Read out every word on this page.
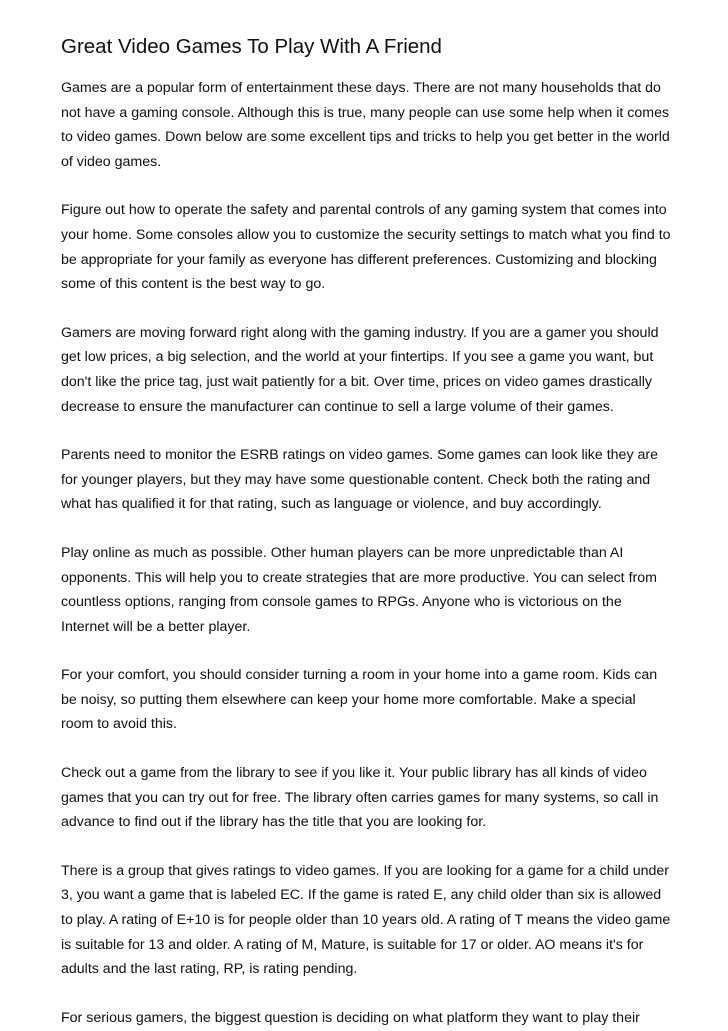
Great Video Games To Play With A Friend

Games are a popular form of entertainment these days. There are not many households that do not have a gaming console. Although this is true, many people can use some help when it comes to video games. Down below are some excellent tips and tricks to help you get better in the world of video games.

Figure out how to operate the safety and parental controls of any gaming system that comes into your home. Some consoles allow you to customize the security settings to match what you find to be appropriate for your family as everyone has different preferences. Customizing and blocking some of this content is the best way to go.

Gamers are moving forward right along with the gaming industry. If you are a gamer you should get low prices, a big selection, and the world at your fintertips. If you see a game you want, but don't like the price tag, just wait patiently for a bit. Over time, prices on video games drastically decrease to ensure the manufacturer can continue to sell a large volume of their games.

Parents need to monitor the ESRB ratings on video games. Some games can look like they are for younger players, but they may have some questionable content. Check both the rating and what has qualified it for that rating, such as language or violence, and buy accordingly.

Play online as much as possible. Other human players can be more unpredictable than AI opponents. This will help you to create strategies that are more productive. You can select from countless options, ranging from console games to RPGs. Anyone who is victorious on the Internet will be a better player.

For your comfort, you should consider turning a room in your home into a game room. Kids can be noisy, so putting them elsewhere can keep your home more comfortable. Make a special room to avoid this.

Check out a game from the library to see if you like it. Your public library has all kinds of video games that you can try out for free. The library often carries games for many systems, so call in advance to find out if the library has the title that you are looking for.

There is a group that gives ratings to video games. If you are looking for a game for a child under 3, you want a game that is labeled EC. If the game is rated E, any child older than six is allowed to play. A rating of E+10 is for people older than 10 years old. A rating of T means the video game is suitable for 13 and older. A rating of M, Mature, is suitable for 17 or older. AO means it's for adults and the last rating, RP, is rating pending.

For serious gamers, the biggest question is deciding on what platform they want to play their
